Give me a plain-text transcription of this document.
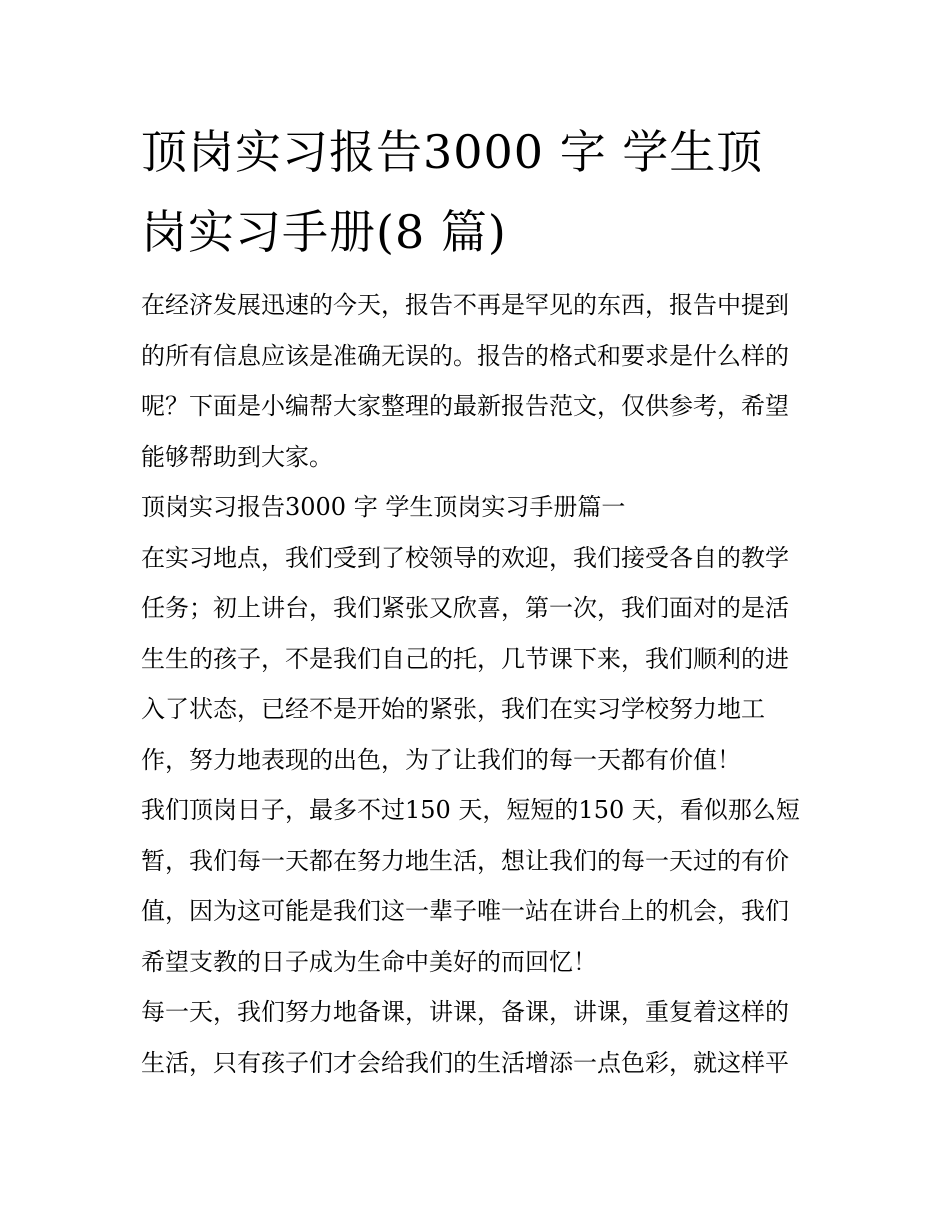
顶岗实习报告3000 字 学生顶
岗实习手册(8 篇)
在经济发展迅速的今天，报告不再是罕见的东西，报告中提到
的所有信息应该是准确无误的。报告的格式和要求是什么样的
呢？下面是小编帮大家整理的最新报告范文，仅供参考，希望
能够帮助到大家。
顶岗实习报告3000 字 学生顶岗实习手册篇一
在实习地点，我们受到了校领导的欢迎，我们接受各自的教学
任务；初上讲台，我们紧张又欣喜，第一次，我们面对的是活
生生的孩子，不是我们自己的托，几节课下来，我们顺利的进
入了状态，已经不是开始的紧张，我们在实习学校努力地工
作，努力地表现的出色，为了让我们的每一天都有价值！
我们顶岗日子，最多不过150 天，短短的150 天，看似那么短
暂，我们每一天都在努力地生活，想让我们的每一天过的有价
值，因为这可能是我们这一辈子唯一站在讲台上的机会，我们
希望支教的日子成为生命中美好的而回忆！
每一天，我们努力地备课，讲课，备课，讲课，重复着这样的
生活，只有孩子们才会给我们的生活增添一点色彩，就这样平
